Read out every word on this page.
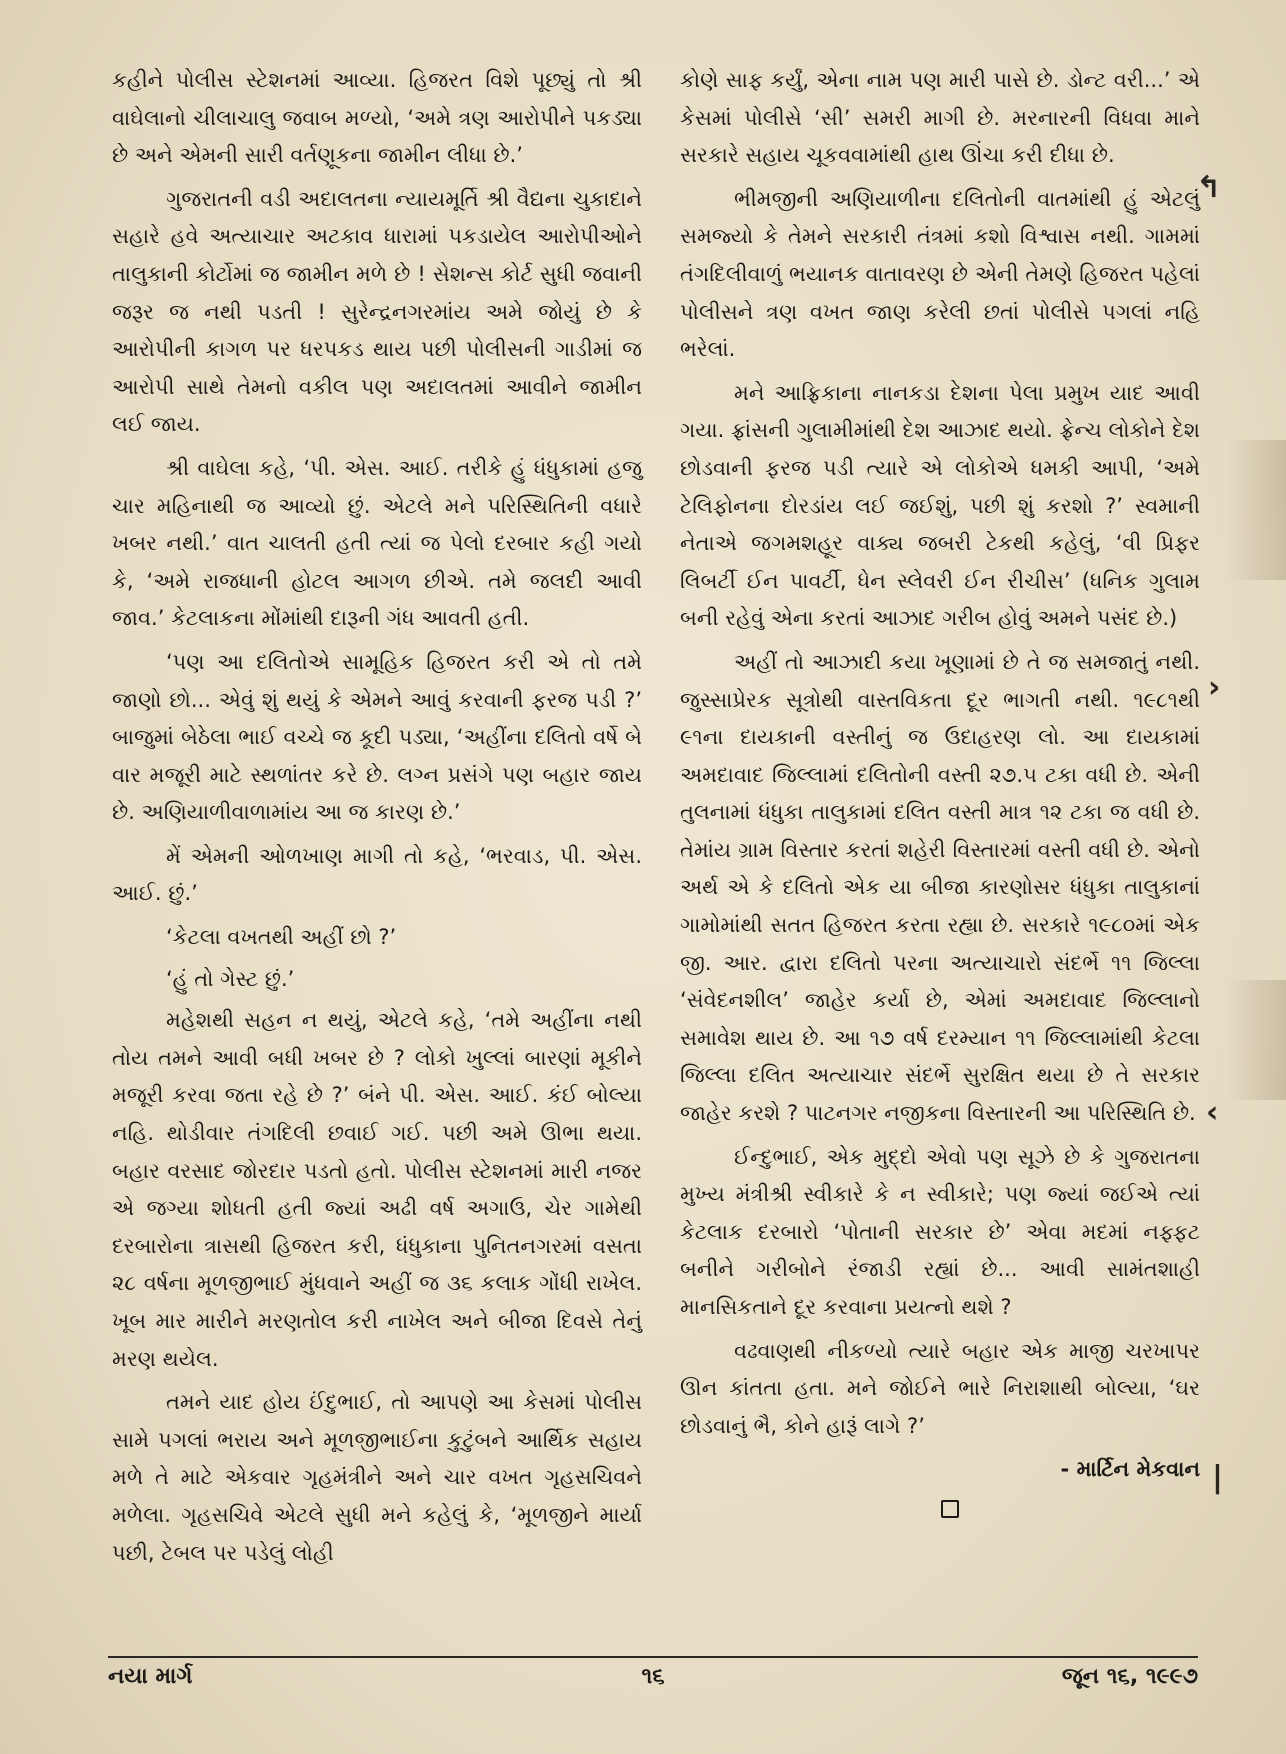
કહીને પોલીસ સ્ટેશનમાં આવ્યા. હિજરત વિશે પૂછ્યું તો શ્રી વાઘેલાનો ચીલાચાલુ જવાબ મળ્યો, ‘અમે ત્રણ આરોપીને પકડ્યા છે અને એમની સારી વર્તણૂકના જામીન લીધા છે.’

ગુજરાતની વડી અદાલતના ન્યાયમૂર્તિ શ્રી વૈદ્યના ચુકાદાને સહારે હવે અત્યાચાર અટકાવ ધારામાં પકડાયેલ આરોપીઓને તાલુકાની કોર્ટોમાં જ જામીન મળે છે ! સેશન્સ કોર્ટ સુધી જવાની જરૂર જ નથી પડતી ! સુરેન્દ્રનગરમાંય અમે જોયું છે કે આરોપીની કાગળ પર ધરપકડ થાય પછી પોલીસની ગાડીમાં જ આરોપી સાથે તેમનો વકીલ પણ અદાલતમાં આવીને જામીન લઈ જાય.

શ્રી વાઘેલા કહે, ‘પી. એસ. આઈ. તરીકે હું ધંધુકામાં હજુ ચાર મહિનાથી જ આવ્યો છું. એટલે મને પરિસ્થિતિની વધારે ખબર નથી.’ વાત ચાલતી હતી ત્યાં જ પેલો દરબાર કહી ગયો કે, ‘અમે રાજધાની હોટલ આગળ છીએ. તમે જલદી આવી જાવ.’ કેટલાકના મોંમાંથી દારૂની ગંધ આવતી હતી.

‘પણ આ દલિતોએ સામૂહિક હિજરત કરી એ તો તમે જાણો છો... એવું શું થયું કે એમને આવું કરવાની ફરજ પડી ?’ બાજુમાં બેઠેલા ભાઈ વચ્ચે જ કૂદી પડ્યા, ‘અહીંના દલિતો વર્ષે બે વાર મજૂરી માટે સ્થળાંતર કરે છે. લગ્ન પ્રસંગે પણ બહાર જાય છે. અણિયાળીવાળામાંય આ જ કારણ છે.’

મેં એમની ઓળખાણ માગી તો કહે, ‘ભરવાડ, પી. એસ. આઈ. છું.’

‘કેટલા વખતથી અહીં છો ?’

‘હું તો ગેસ્ટ છું.’

મહેશથી સહન ન થયું, એટલે કહે, ‘તમે અહીંના નથી તોય તમને આવી બધી ખબર છે ? લોકો ખુલ્લાં બારણાં મૂકીને મજૂરી કરવા જતા રહે છે ?’ બંને પી. એસ. આઈ. કંઈ બોલ્યા નહિ. થોડીવાર તંગદિલી છવાઈ ગઈ. પછી અમે ઊભા થયા. બહાર વરસાદ જોરદાર પડતો હતો. પોલીસ સ્ટેશનમાં મારી નજર એ જગ્યા શોધતી હતી જ્યાં અઢી વર્ષ અગાઉ, ચેર ગામેથી દરબારોના ત્રાસથી હિજરત કરી, ધંધુકાના પુનિતનગરમાં વસતા ૨૮ વર્ષના મૂળજીભાઈ મુંધવાને અહીં જ ૩૬ કલાક ગોંધી રાખેલ. ખૂબ માર મારીને મરણતોલ કરી નાખેલ અને બીજા દિવસે તેનું મરણ થયેલ.

તમને યાદ હોય ઈંદુભાઈ, તો આપણે આ કેસમાં પોલીસ સામે પગલાં ભરાય અને મૂળજીભાઈના કુટુંબને આર્થિક સહાય મળે તે માટે એકવાર ગૃહમંત્રીને અને ચાર વખત ગૃહસચિવને મળેલા. ગૃહસચિવે એટલે સુધી મને કહેલું કે, ‘મૂળજીને માર્યા પછી, ટેબલ પર પડેલું લોહી

કોણે સાફ કર્યું, એના નામ પણ મારી પાસે છે. ડોન્ટ વરી...’ એ કેસમાં પોલીસે ‘સી’ સમરી માગી છે. મરનારની વિધવા માને સરકારે સહાય ચૂકવવામાંથી હાથ ઊંચા કરી દીધા છે.

ભીમજીની અણિયાળીના દલિતોની વાતમાંથી હું એટલું સમજ્યો કે તેમને સરકારી તંત્રમાં કશો વિશ્વાસ નથી. ગામમાં તંગદિલીવાળું ભયાનક વાતાવરણ છે એની તેમણે હિજરત પહેલાં પોલીસને ત્રણ વખત જાણ કરેલી છતાં પોલીસે પગલાં નહિ ભરેલાં.

મને આફ્રિકાના નાનકડા દેશના પેલા પ્રમુખ યાદ આવી ગયા. ફ્રાંસની ગુલામીમાંથી દેશ આઝાદ થયો. ફ્રેન્ચ લોકોને દેશ છોડવાની ફરજ પડી ત્યારે એ લોકોએ ધમકી આપી, ‘અમે ટેલિફોનના દોરડાંય લઈ જઈશું, પછી શું કરશો ?’ સ્વમાની નેતાએ જગમશહૂર વાક્ય જબરી ટેકથી કહેલું, ‘વી પ્રિફર લિબર્ટી ઈન પાવર્ટી, ધેન સ્લેવરી ઈન રીચીસ’ (ધનિક ગુલામ બની રહેવું એના કરતાં આઝાદ ગરીબ હોવું અમને પસંદ છે.)

અહીં તો આઝાદી કયા ખૂણામાં છે તે જ સમજાતું નથી. જુસ્સાપ્રેરક સૂત્રોથી વાસ્તવિકતા દૂર ભાગતી નથી. ૧૯૮૧થી ૯૧ના દાયકાની વસ્તીનું જ ઉદાહરણ લો. આ દાયકામાં અમદાવાદ જિલ્લામાં દલિતોની વસ્તી ૨૭.૫ ટકા વધી છે. એની તુલનામાં ધંધુકા તાલુકામાં દલિત વસ્તી માત્ર ૧૨ ટકા જ વધી છે. તેમાંય ગ્રામ વિસ્તાર કરતાં શહેરી વિસ્તારમાં વસ્તી વધી છે. એનો અર્થ એ કે દલિતો એક યા બીજા કારણોસર ધંધુકા તાલુકાનાં ગામોમાંથી સતત હિજરત કરતા રહ્યા છે. સરકારે ૧૯૮૦માં એક જી. આર. દ્વારા દલિતો પરના અત્યાચારો સંદર્ભે ૧૧ જિલ્લા ‘સંવેદનશીલ’ જાહેર કર્યા છે, એમાં અમદાવાદ જિલ્લાનો સમાવેશ થાય છે. આ ૧૭ વર્ષ દરમ્યાન ૧૧ જિલ્લામાંથી કેટલા જિલ્લા દલિત અત્યાચાર સંદર્ભે સુરક્ષિત થયા છે તે સરકાર જાહેર કરશે ? પાટનગર નજીકના વિસ્તારની આ પરિસ્થિતિ છે.

ઈન્દુભાઈ, એક મુદ્દો એવો પણ સૂઝે છે કે ગુજરાતના મુખ્ય મંત્રીશ્રી સ્વીકારે કે ન સ્વીકારે; પણ જ્યાં જઈએ ત્યાં કેટલાક દરબારો ‘પોતાની સરકાર છે’ એવા મદમાં નફ્ફટ બનીને ગરીબોને રંજાડી રહ્યાં છે... આવી સામંતશાહી માનસિકતાને દૂર કરવાના પ્રયત્નો થશે ?

વઢવાણથી નીકળ્યો ત્યારે બહાર એક માજી ચરખાપર ઊન કાંતતા હતા. મને જોઈને ભારે નિરાશાથી બોલ્યા, ‘ઘર છોડવાનું ભૈ, કોને હારૂં લાગે ?’

- માર્ટિન મેકવાન
↰
›
‹
|
નયા માર્ગ	૧૬	જૂન ૧૬, ૧૯૯૭
